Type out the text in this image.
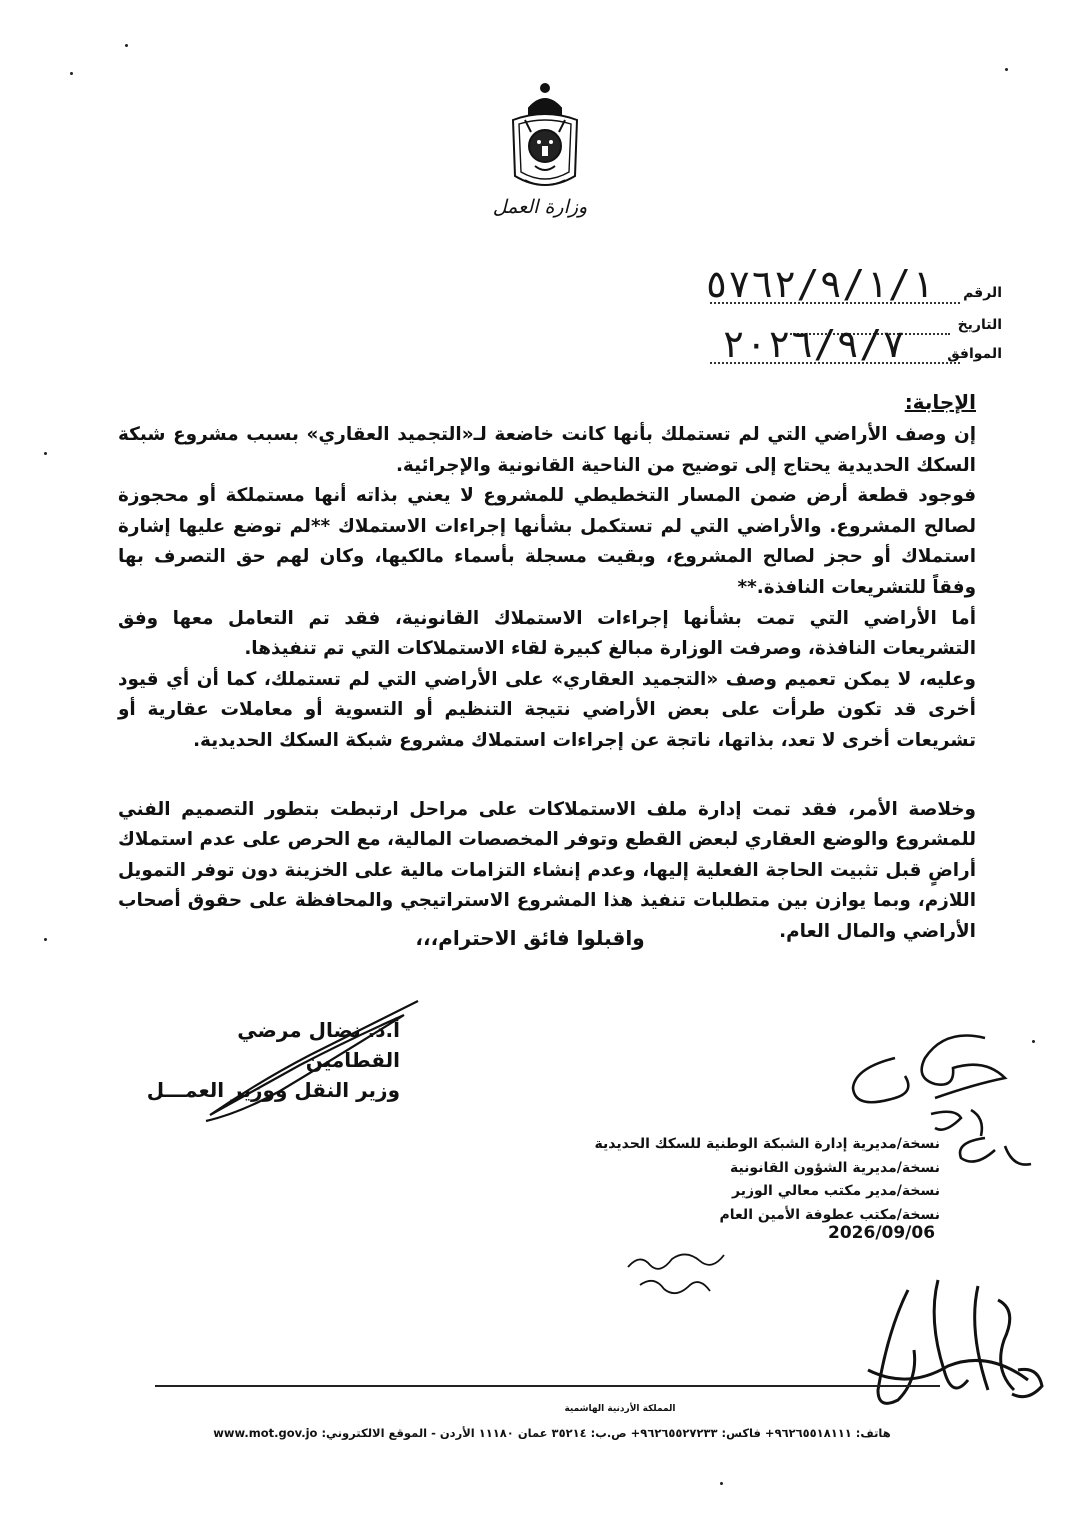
وزارة العمل
الرقم
٥٧٦٢/٩/١/١
التاريخ
الموافق
٢٠٢٦/٩/٧

الإجابة:

إن وصف الأراضي التي لم تستملك بأنها كانت خاضعة لـ«التجميد العقاري» بسبب مشروع شبكة السكك الحديدية يحتاج إلى توضيح من الناحية القانونية والإجرائية.

فوجود قطعة أرض ضمن المسار التخطيطي للمشروع لا يعني بذاته أنها مستملكة أو محجوزة لصالح المشروع. والأراضي التي لم تستكمل بشأنها إجراءات الاستملاك **لم توضع عليها إشارة استملاك أو حجز لصالح المشروع، وبقيت مسجلة بأسماء مالكيها، وكان لهم حق التصرف بها وفقاً للتشريعات النافذة.**

أما الأراضي التي تمت بشأنها إجراءات الاستملاك القانونية، فقد تم التعامل معها وفق التشريعات النافذة، وصرفت الوزارة مبالغ كبيرة لقاء الاستملاكات التي تم تنفيذها.

وعليه، لا يمكن تعميم وصف «التجميد العقاري» على الأراضي التي لم تستملك، كما أن أي قيود أخرى قد تكون طرأت على بعض الأراضي نتيجة التنظيم أو التسوية أو معاملات عقارية أو تشريعات أخرى لا تعد، بذاتها، ناتجة عن إجراءات استملاك مشروع شبكة السكك الحديدية.

وخلاصة الأمر، فقد تمت إدارة ملف الاستملاكات على مراحل ارتبطت بتطور التصميم الفني للمشروع والوضع العقاري لبعض القطع وتوفر المخصصات المالية، مع الحرص على عدم استملاك أراضٍ قبل تثبيت الحاجة الفعلية إليها، وعدم إنشاء التزامات مالية على الخزينة دون توفر التمويل اللازم، وبما يوازن بين متطلبات تنفيذ هذا المشروع الاستراتيجي والمحافظة على حقوق أصحاب الأراضي والمال العام.

واقبلوا فائق الاحترام،،،
أ.د. نضال مرضي القطامين
وزير النقل ووزير العمـــل
نسخة/مديرية إدارة الشبكة الوطنية للسكك الحديدية
نسخة/مديرية الشؤون القانونية
نسخة/مدير مكتب معالي الوزير
نسخة/مكتب عطوفة الأمين العام
2026/09/06
المملكة الأردنية الهاشمية
هاتف: ٩٦٢٦٥٥١٨١١١+ فاكس: ٩٦٢٦٥٥٢٧٢٣٣+ ص.ب: ٣٥٢١٤ عمان ١١١٨٠ الأردن - الموقع الالكتروني: www.mot.gov.jo
